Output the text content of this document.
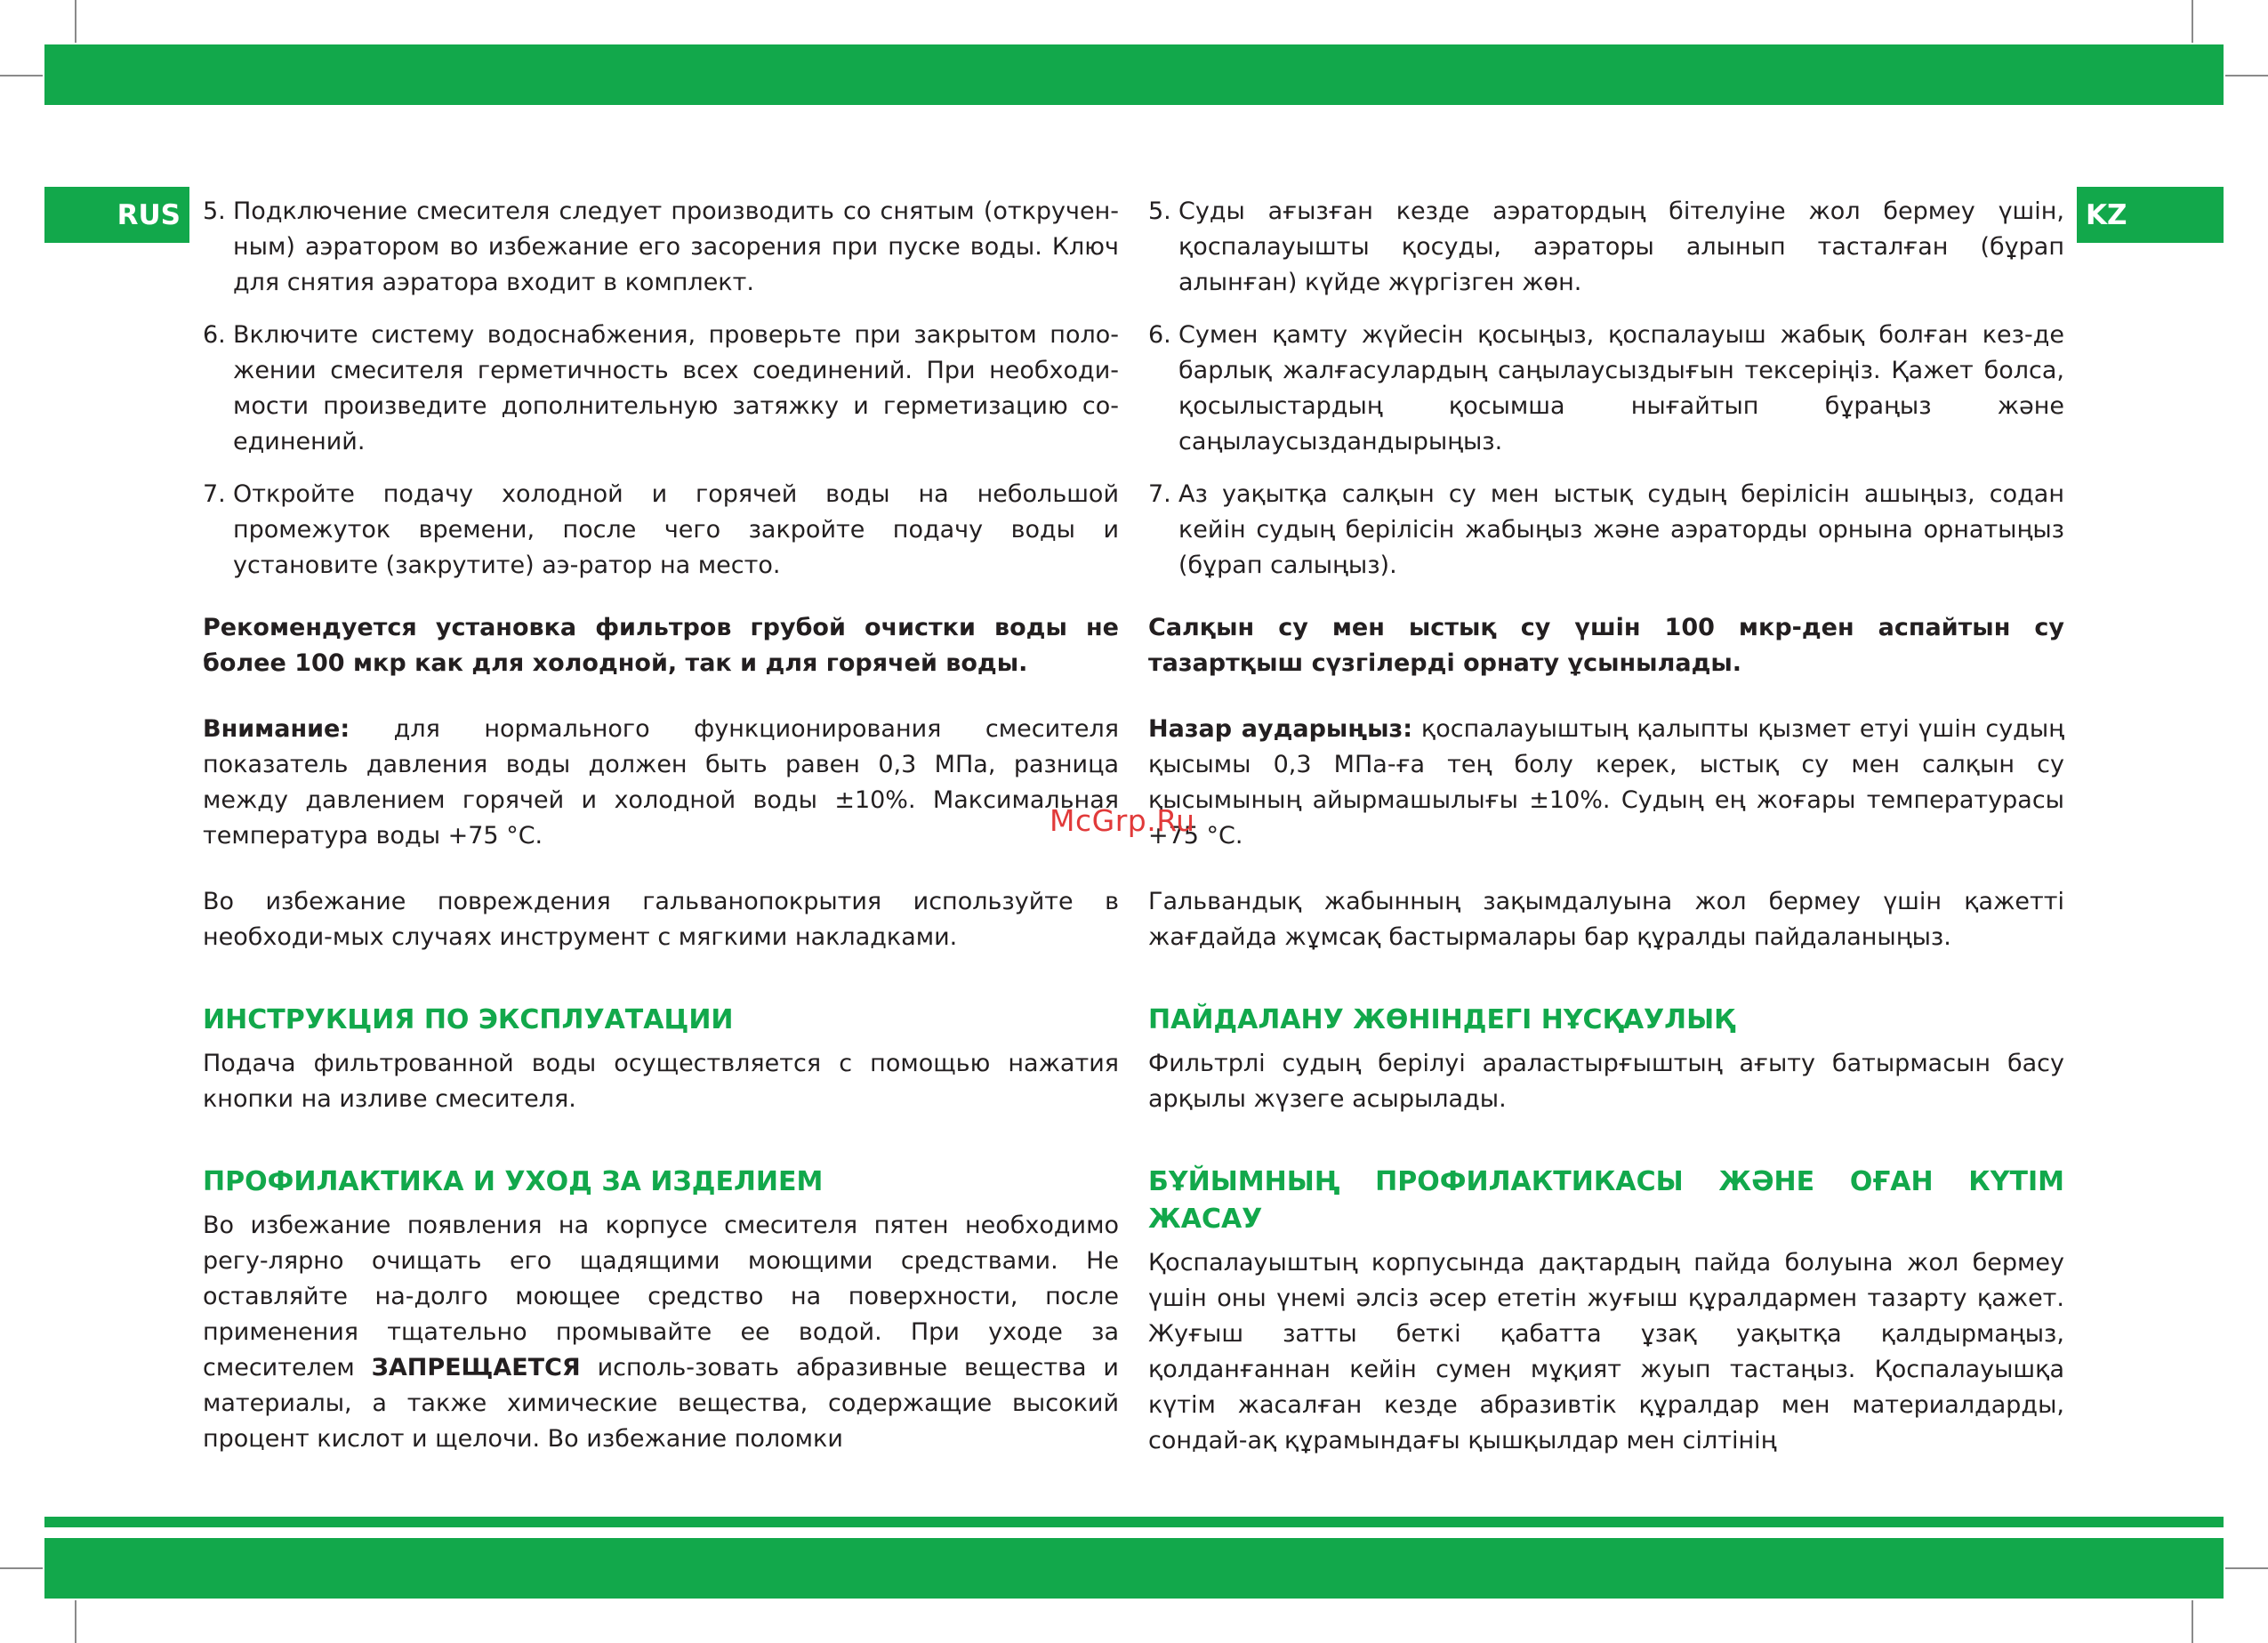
RUS	KZ
5. Подключение смесителя следует производить со снятым (откручен-ным) аэратором во избежание его засорения при пуске воды. Ключ для снятия аэратора входит в комплект.
6. Включите систему водоснабжения, проверьте при закрытом поло-жении смесителя герметичность всех соединений. При необходи-мости произведите дополнительную затяжку и герметизацию со-единений.
7. Откройте подачу холодной и горячей воды на небольшой промежуток времени, после чего закройте подачу воды и установите (закрутите) аэ-ратор на место.

Рекомендуется установка фильтров грубой очистки воды не более 100 мкр как для холодной, так и для горячей воды.

Внимание: для нормального функционирования смесителя показатель давления воды должен быть равен 0,3 МПа, разница между давлением горячей и холодной воды ±10%. Максимальная температура воды +75 °С.

Во избежание повреждения гальванопокрытия используйте в необходи-мых случаях инструмент с мягкими накладками.

ИНСТРУКЦИЯ ПО ЭКСПЛУАТАЦИИ

Подача фильтрованной воды осуществляется с помощью нажатия кнопки на изливе смесителя.

ПРОФИЛАКТИКА И УХОД ЗА ИЗДЕЛИЕМ

Во избежание появления на корпусе смесителя пятен необходимо регу-лярно очищать его щадящими моющими средствами. Не оставляйте на-долго моющее средство на поверхности, после применения тщательно промывайте ее водой. При уходе за смесителем ЗАПРЕЩАЕТСЯ исполь-зовать абразивные вещества и материалы, а также химические вещества, содержащие высокий процент кислот и щелочи. Во избежание поломки

5. Суды ағызған кезде аэратордың бітелуіне жол бермеу үшін, қоспалауышты қосуды, аэраторы алынып тасталған (бұрап алынған) күйде жүргізген жөн.
6. Сумен қамту жүйесін қосыңыз, қоспалауыш жабық болған кез-де барлық жалғасулардың саңылаусыздығын тексеріңіз. Қажет болса, қосылыстардың қосымша нығайтып бұраңыз және саңылаусыздандырыңыз.
7. Аз уақытқа салқын су мен ыстық судың берілісін ашыңыз, содан кейін судың берілісін жабыңыз және аэраторды орнына орнатыңыз (бұрап салыңыз).

Салқын су мен ыстық су үшін 100 мкр-ден аспайтын су тазартқыш сүзгілерді орнату ұсынылады.

Назар аударыңыз: қоспалауыштың қалыпты қызмет етуі үшін судың қысымы 0,3 МПа-ға тең болу керек, ыстық су мен салқын су қысымының айырмашылығы ±10%. Судың ең жоғары температурасы +75 °С.

Гальвандық жабынның зақымдалуына жол бермеу үшін қажетті жағдайда жұмсақ бастырмалары бар құралды пайдаланыңыз.

ПАЙДАЛАНУ ЖӨНІНДЕГІ НҰСҚАУЛЫҚ

Фильтрлі судың берілуі араластырғыштың ағыту батырмасын басу арқылы жүзеге асырылады.

БҰЙЫМНЫҢ ПРОФИЛАКТИКАСЫ ЖӘНЕ ОҒАН КҮТІМ ЖАСАУ

Қоспалауыштың корпусында дақтардың пайда болуына жол бермеу үшін оны үнемі әлсіз әсер ететін жуғыш құралдармен тазарту қажет. Жуғыш затты беткі қабатта ұзақ уақытқа қалдырмаңыз, қолданғаннан кейін сумен мұқият жуып тастаңыз. Қоспалауышқа күтім жасалған кезде абразивтік құралдар мен материалдарды, сондай-ақ құрамындағы қышқылдар мен сілтінің

McGrp.Ru
